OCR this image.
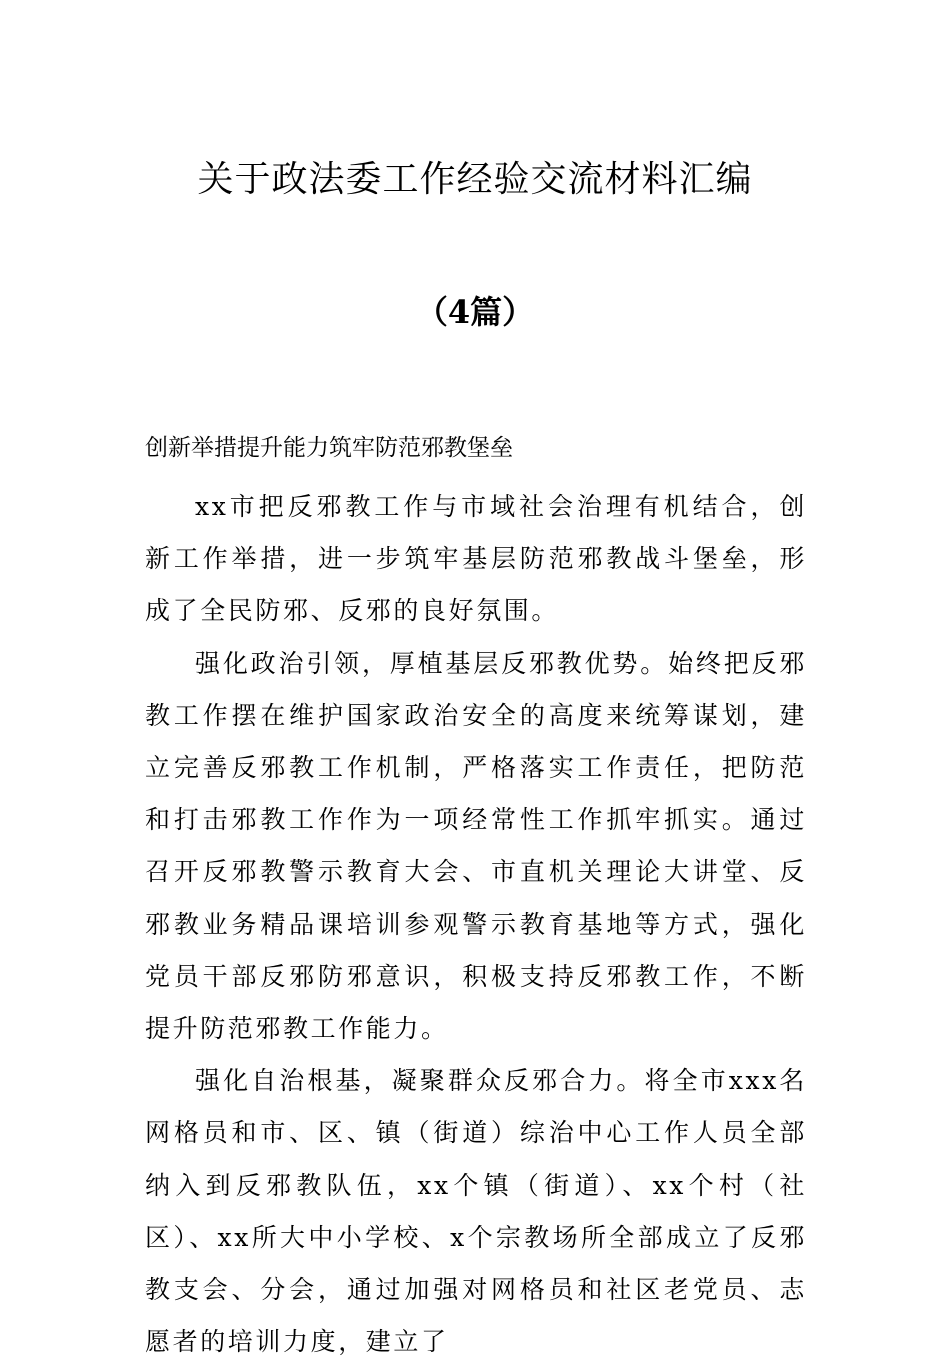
关于政法委工作经验交流材料汇编
（4篇）
创新举措提升能力筑牢防范邪教堡垒

xx市把反邪教工作与市域社会治理有机结合，创新工作举措，进一步筑牢基层防范邪教战斗堡垒，形成了全民防邪、反邪的良好氛围。

强化政治引领，厚植基层反邪教优势。始终把反邪教工作摆在维护国家政治安全的高度来统筹谋划，建立完善反邪教工作机制，严格落实工作责任，把防范和打击邪教工作作为一项经常性工作抓牢抓实。通过召开反邪教警示教育大会、市直机关理论大讲堂、反邪教业务精品课培训参观警示教育基地等方式，强化党员干部反邪防邪意识，积极支持反邪教工作，不断提升防范邪教工作能力。

强化自治根基，凝聚群众反邪合力。将全市xxx名网格员和市、区、镇（街道）综治中心工作人员全部纳入到反邪教队伍，xx个镇（街道）、xx个村（社区）、xx所大中小学校、x个宗教场所全部成立了反邪教支会、分会，通过加强对网格员和社区老党员、志愿者的培训力度，建立了
